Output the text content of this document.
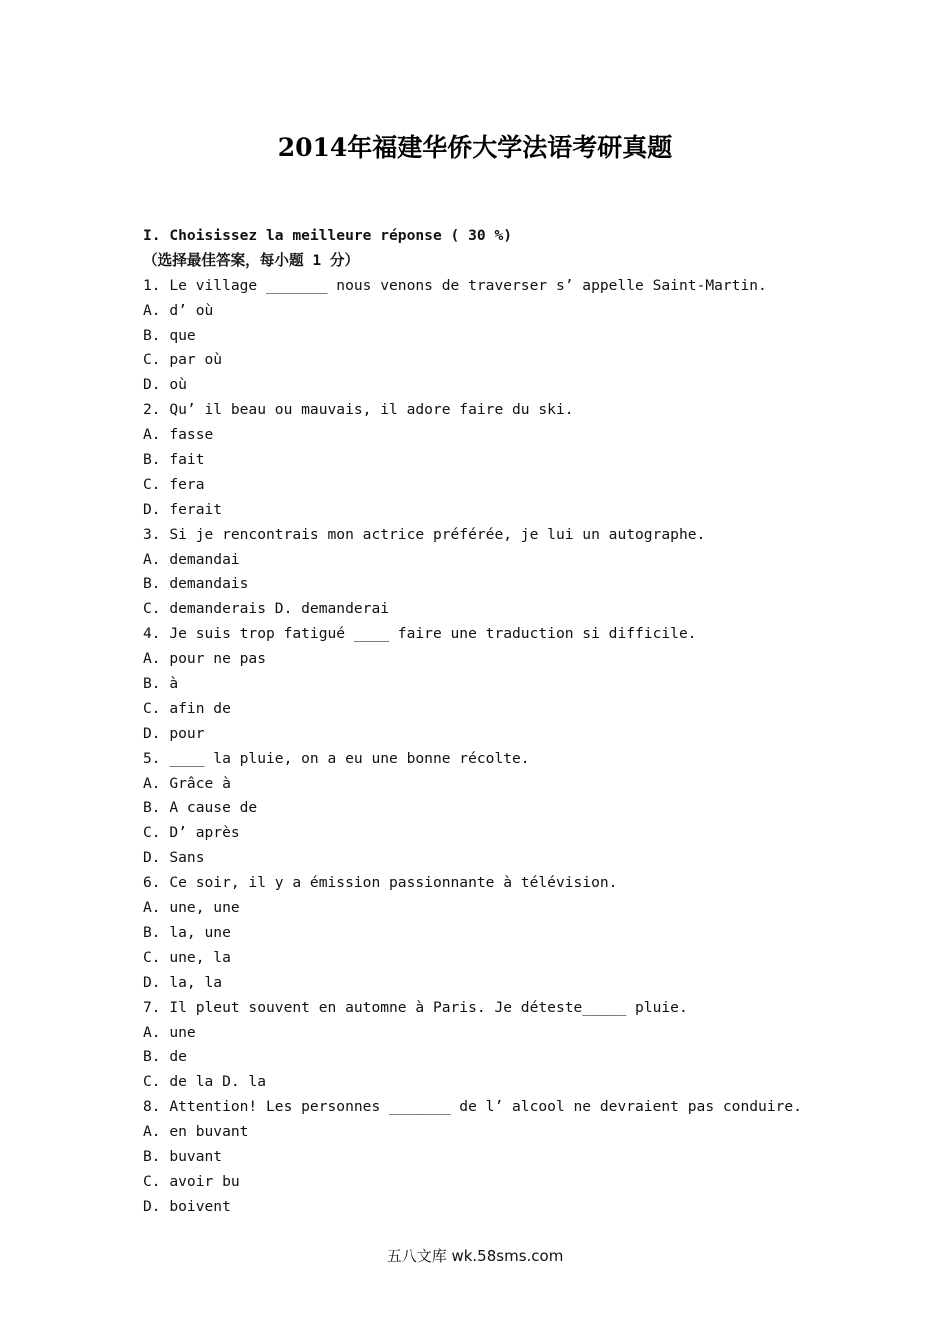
2014年福建华侨大学法语考研真题
I. Choisissez la meilleure réponse ( 30 %)
（选择最佳答案，每小题 1 分）
1. Le village _______ nous venons de traverser s’ appelle Saint-Martin.
A. d’ où
B. que
C. par où
D. où
2. Qu’ il beau ou mauvais, il adore faire du ski.
A. fasse
B. fait
C. fera
D. ferait
3. Si je rencontrais mon actrice préférée, je lui un autographe.
A. demandai
B. demandais
C. demanderais D. demanderai
4. Je suis trop fatigué ____ faire une traduction si difficile.
A. pour ne pas
B. à
C. afin de
D. pour
5. ____ la pluie, on a eu une bonne récolte.
A. Grâce à
B. A cause de
C. D’ après
D. Sans
6. Ce soir, il y a émission passionnante à télévision.
A. une, une
B. la, une
C. une, la
D. la, la
7. Il pleut souvent en automne à Paris. Je déteste_____ pluie.
A. une
B. de
C. de la D. la
8. Attention! Les personnes _______ de l’ alcool ne devraient pas conduire.
A. en buvant
B. buvant
C. avoir bu
D. boivent
五八文库 wk.58sms.com
